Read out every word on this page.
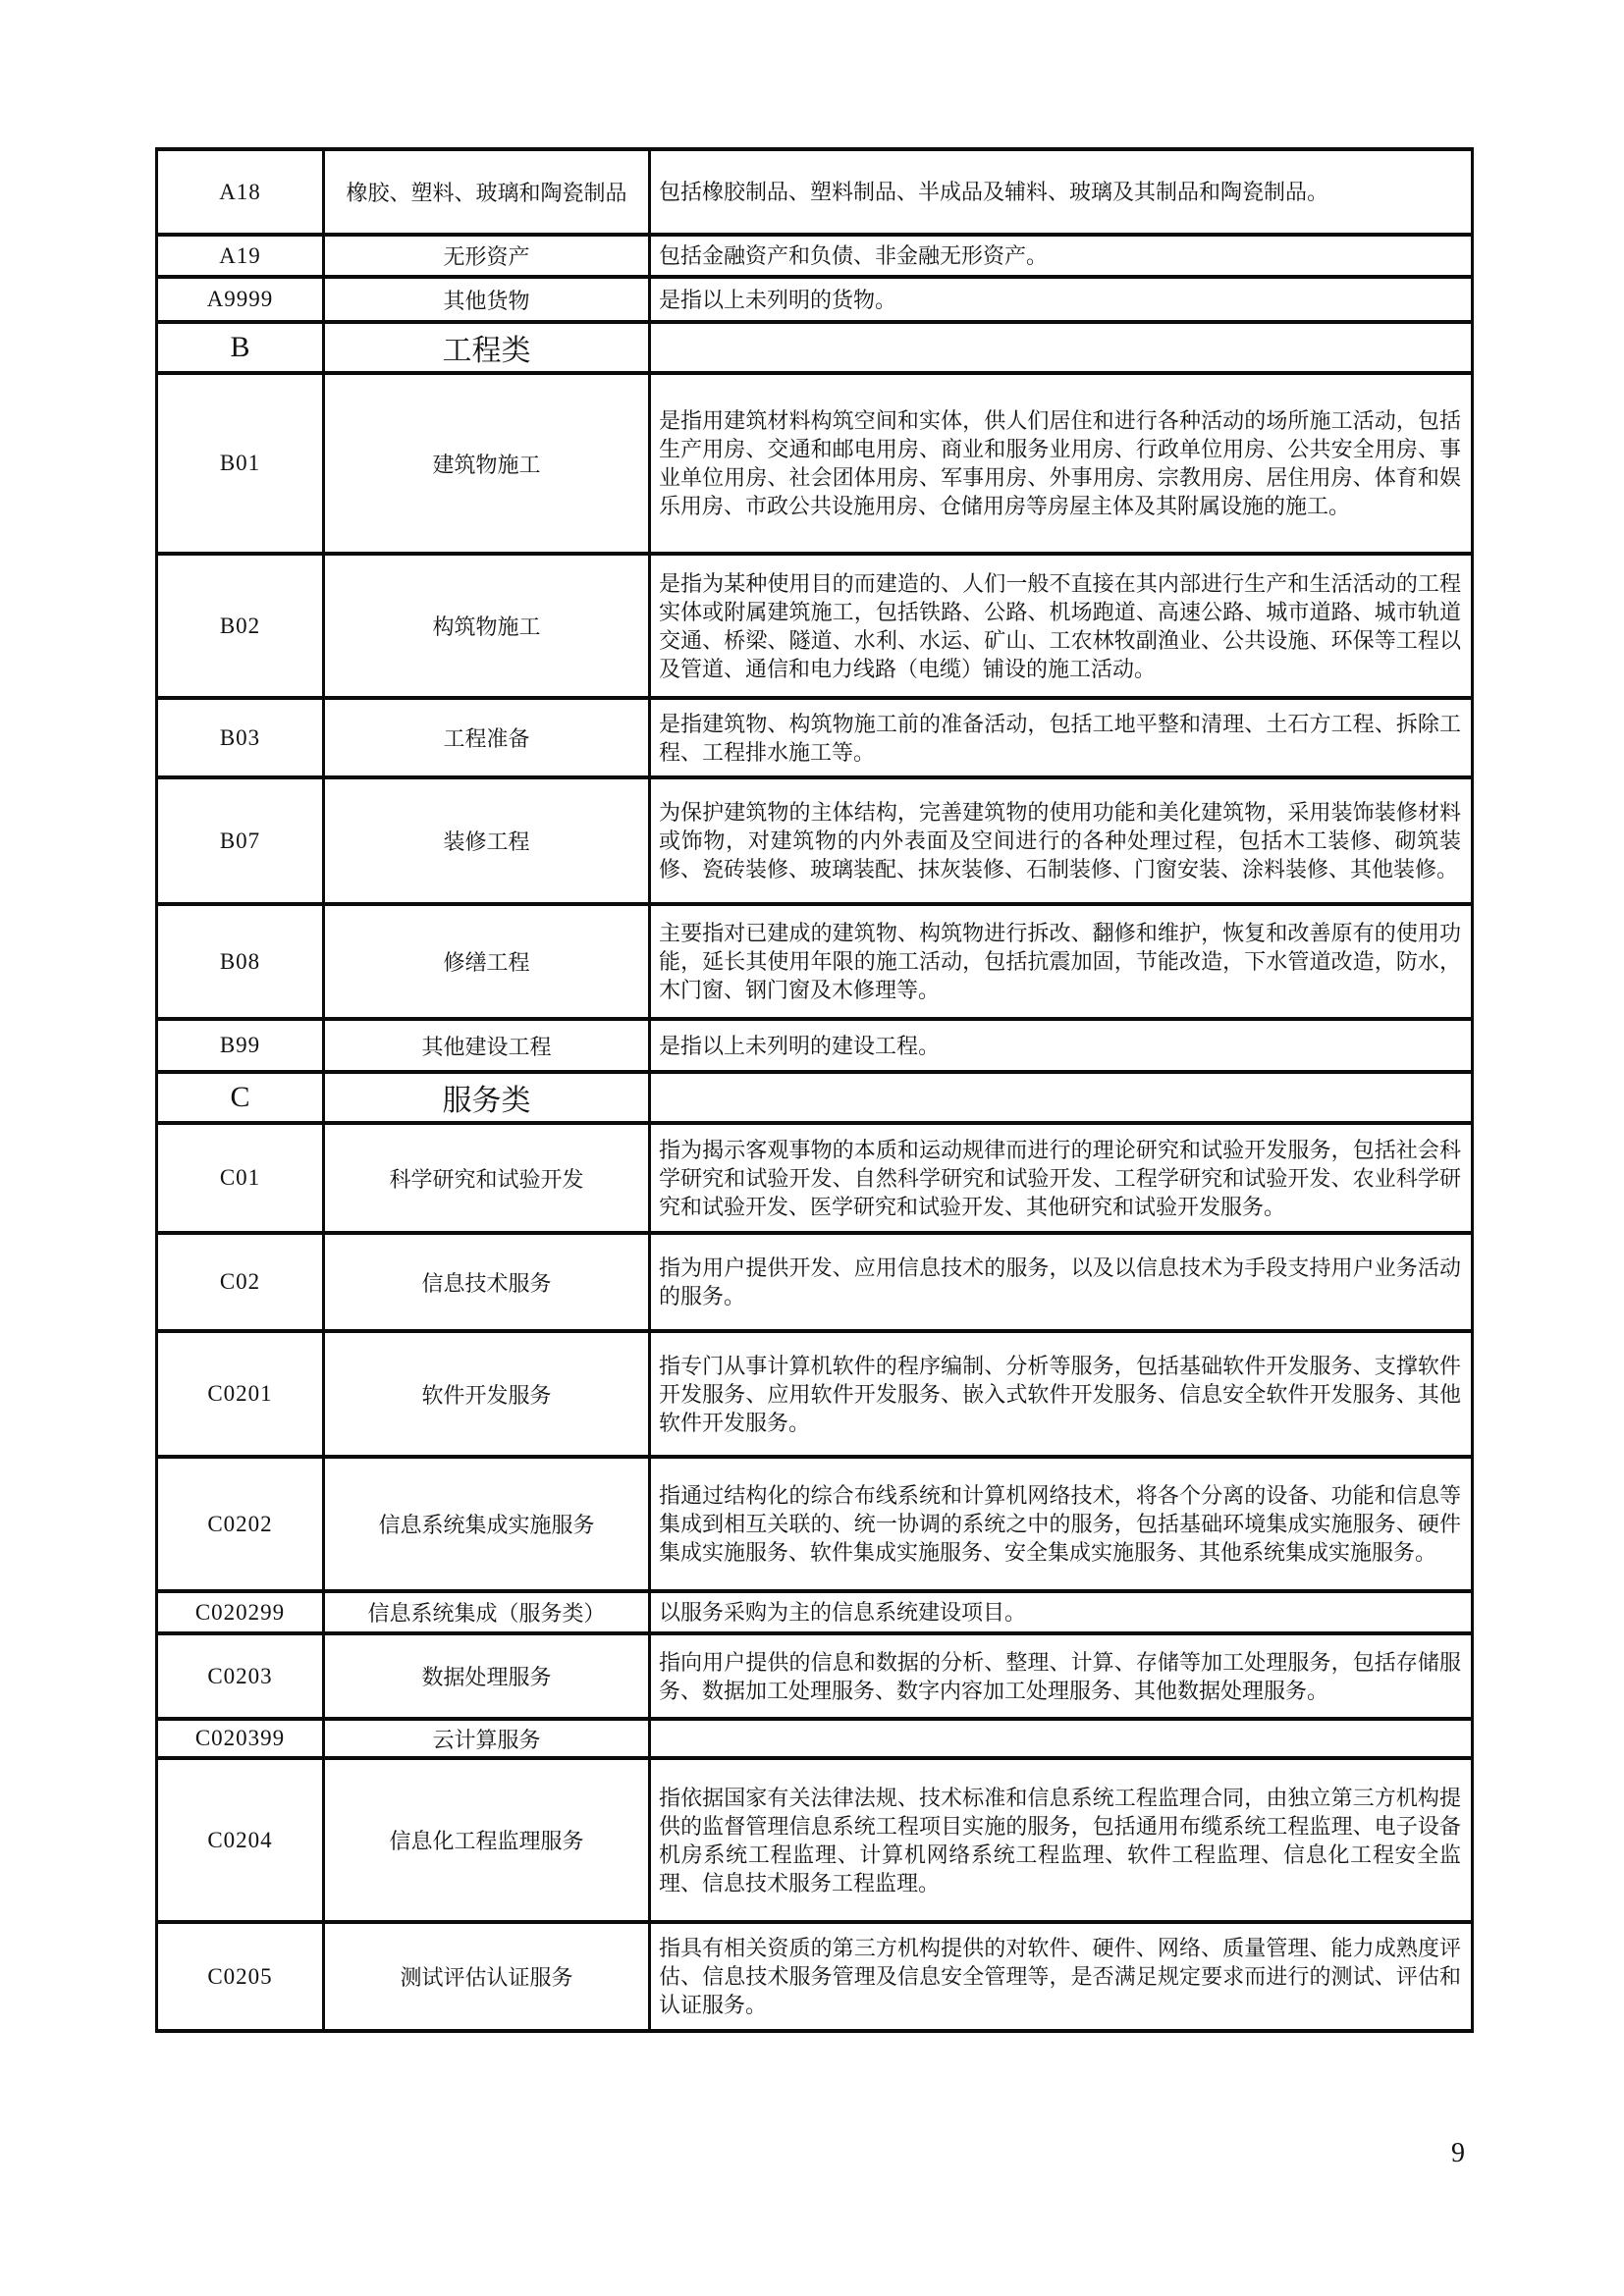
A18	橡胶、塑料、玻璃和陶瓷制品	包括橡胶制品、塑料制品、半成品及辅料、玻璃及其制品和陶瓷制品。
A19	无形资产	包括金融资产和负债、非金融无形资产。
A9999	其他货物	是指以上未列明的货物。
B	工程类	
B01	建筑物施工	是指用建筑材料构筑空间和实体，供人们居住和进行各种活动的场所施工活动，包括生产用房、交通和邮电用房、商业和服务业用房、行政单位用房、公共安全用房、事业单位用房、社会团体用房、军事用房、外事用房、宗教用房、居住用房、体育和娱乐用房、市政公共设施用房、仓储用房等房屋主体及其附属设施的施工。
B02	构筑物施工	是指为某种使用目的而建造的、人们一般不直接在其内部进行生产和生活活动的工程实体或附属建筑施工，包括铁路、公路、机场跑道、高速公路、城市道路、城市轨道交通、桥梁、隧道、水利、水运、矿山、工农林牧副渔业、公共设施、环保等工程以及管道、通信和电力线路（电缆）铺设的施工活动。
B03	工程准备	是指建筑物、构筑物施工前的准备活动，包括工地平整和清理、土石方工程、拆除工程、工程排水施工等。
B07	装修工程	为保护建筑物的主体结构，完善建筑物的使用功能和美化建筑物，采用装饰装修材料或饰物，对建筑物的内外表面及空间进行的各种处理过程，包括木工装修、砌筑装修、瓷砖装修、玻璃装配、抹灰装修、石制装修、门窗安装、涂料装修、其他装修。
B08	修缮工程	主要指对已建成的建筑物、构筑物进行拆改、翻修和维护，恢复和改善原有的使用功能，延长其使用年限的施工活动，包括抗震加固，节能改造，下水管道改造，防水，木门窗、钢门窗及木修理等。
B99	其他建设工程	是指以上未列明的建设工程。
C	服务类	
C01	科学研究和试验开发	指为揭示客观事物的本质和运动规律而进行的理论研究和试验开发服务，包括社会科学研究和试验开发、自然科学研究和试验开发、工程学研究和试验开发、农业科学研究和试验开发、医学研究和试验开发、其他研究和试验开发服务。
C02	信息技术服务	指为用户提供开发、应用信息技术的服务，以及以信息技术为手段支持用户业务活动的服务。
C0201	软件开发服务	指专门从事计算机软件的程序编制、分析等服务，包括基础软件开发服务、支撑软件开发服务、应用软件开发服务、嵌入式软件开发服务、信息安全软件开发服务、其他软件开发服务。
C0202	信息系统集成实施服务	指通过结构化的综合布线系统和计算机网络技术，将各个分离的设备、功能和信息等集成到相互关联的、统一协调的系统之中的服务，包括基础环境集成实施服务、硬件集成实施服务、软件集成实施服务、安全集成实施服务、其他系统集成实施服务。
C020299	信息系统集成（服务类）	以服务采购为主的信息系统建设项目。
C0203	数据处理服务	指向用户提供的信息和数据的分析、整理、计算、存储等加工处理服务，包括存储服务、数据加工处理服务、数字内容加工处理服务、其他数据处理服务。
C020399	云计算服务	
C0204	信息化工程监理服务	指依据国家有关法律法规、技术标准和信息系统工程监理合同，由独立第三方机构提供的监督管理信息系统工程项目实施的服务，包括通用布缆系统工程监理、电子设备机房系统工程监理、计算机网络系统工程监理、软件工程监理、信息化工程安全监理、信息技术服务工程监理。
C0205	测试评估认证服务	指具有相关资质的第三方机构提供的对软件、硬件、网络、质量管理、能力成熟度评估、信息技术服务管理及信息安全管理等，是否满足规定要求而进行的测试、评估和认证服务。
9
